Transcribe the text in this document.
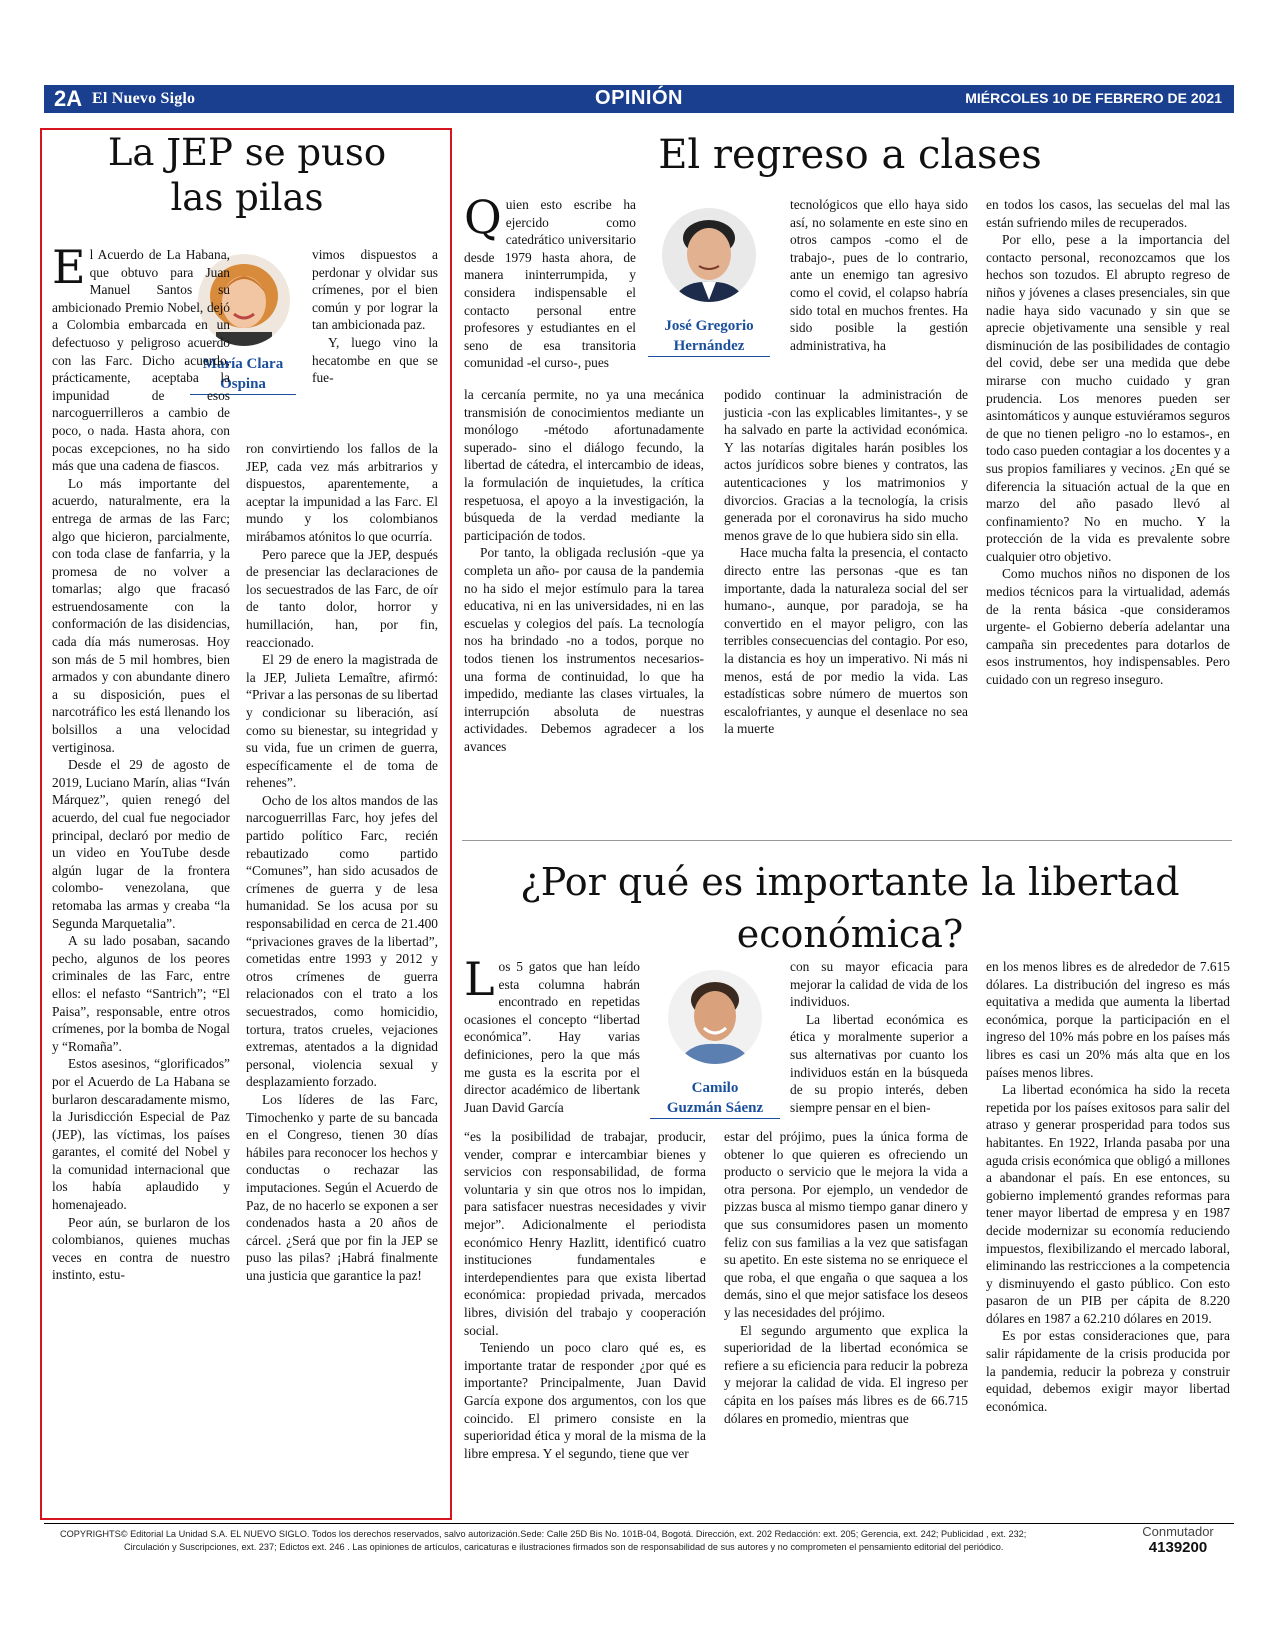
2A El Nuevo Siglo	OPINIÓN	MIÉRCOLES 10 DE FEBRERO DE 2021
La JEP se puso
las pilas
María Clara

Ospina

El Acuerdo de La Habana, que obtuvo para Juan Manuel Santos su ambicionado Premio Nobel, dejó a Colombia embarcada en un defectuoso y peligroso acuerdo con las Farc. Dicho acuerdo, prácticamente, aceptaba la impunidad de esos narcoguerrilleros a cambio de poco, o nada. Hasta ahora, con pocas excepciones, no ha sido más que una cadena de fiascos.

Lo más importante del acuerdo, naturalmente, era la entrega de armas de las Farc; algo que hicieron, parcialmente, con toda clase de fanfarria, y la promesa de no volver a tomarlas; algo que fracasó estruendosamente con la conformación de las disidencias, cada día más numerosas. Hoy son más de 5 mil hombres, bien armados y con abundante dinero a su disposición, pues el narcotráfico les está llenando los bolsillos a una velocidad vertiginosa.

Desde el 29 de agosto de 2019, Luciano Marín, alias “Iván Márquez”, quien renegó del acuerdo, del cual fue negociador principal, declaró por medio de un video en YouTube desde algún lugar de la frontera colombo- venezolana, que retomaba las armas y creaba “la Segunda Marquetalia”.

A su lado posaban, sacando pecho, algunos de los peores criminales de las Farc, entre ellos: el nefasto “Santrich”; “El Paisa”, responsable, entre otros crímenes, por la bomba de Nogal y “Romaña”.

Estos asesinos, “glorificados” por el Acuerdo de La Habana se burlaron descaradamente mismo, la Jurisdicción Especial de Paz (JEP), las víctimas, los países garantes, el comité del Nobel y la comunidad internacional que los había aplaudido y homenajeado.

Peor aún, se burlaron de los colombianos, quienes muchas veces en contra de nuestro instinto, estu-

vimos dispuestos a perdonar y olvidar sus crímenes, por el bien común y por lograr la tan ambicionada paz.

Y, luego vino la hecatombe en que se fue-

ron convirtiendo los fallos de la JEP, cada vez más arbitrarios y dispuestos, aparentemente, a aceptar la impunidad a las Farc. El mundo y los colombianos mirábamos atónitos lo que ocurría.

Pero parece que la JEP, después de presenciar las declaraciones de los secuestrados de las Farc, de oír de tanto dolor, horror y humillación, han, por fin, reaccionado.

El 29 de enero la magistrada de la JEP, Julieta Lemaître, afirmó: “Privar a las personas de su libertad y condicionar su liberación, así como su bienestar, su integridad y su vida, fue un crimen de guerra, específicamente el de toma de rehenes”.

Ocho de los altos mandos de las narcoguerrillas Farc, hoy jefes del partido político Farc, recién rebautizado como partido “Comunes”, han sido acusados de crímenes de guerra y de lesa humanidad. Se los acusa por su responsabilidad en cerca de 21.400 “privaciones graves de la libertad”, cometidas entre 1993 y 2012 y otros crímenes de guerra relacionados con el trato a los secuestrados, como homicidio, tortura, tratos crueles, vejaciones extremas, atentados a la dignidad personal, violencia sexual y desplazamiento forzado.

Los líderes de las Farc, Timochenko y parte de su bancada en el Congreso, tienen 30 días hábiles para reconocer los hechos y conductas o rechazar las imputaciones. Según el Acuerdo de Paz, de no hacerlo se exponen a ser condenados hasta a 20 años de cárcel. ¿Será que por fin la JEP se puso las pilas? ¡Habrá finalmente una justicia que garantice la paz!

El regreso a clases
José Gregorio

Hernández

Quien esto escribe ha ejercido como catedrático universitario desde 1979 hasta ahora, de manera ininterrumpida, y considera indispensable el contacto personal entre profesores y estudiantes en el seno de esa transitoria comunidad -el curso-, pues

la cercanía permite, no ya una mecánica transmisión de conocimientos mediante un monólogo -método afortunadamente superado- sino el diálogo fecundo, la libertad de cátedra, el intercambio de ideas, la formulación de inquietudes, la crítica respetuosa, el apoyo a la investigación, la búsqueda de la verdad mediante la participación de todos.

Por tanto, la obligada reclusión -que ya completa un año- por causa de la pandemia no ha sido el mejor estímulo para la tarea educativa, ni en las universidades, ni en las escuelas y colegios del país. La tecnología nos ha brindado -no a todos, porque no todos tienen los instrumentos necesarios- una forma de continuidad, lo que ha impedido, mediante las clases virtuales, la interrupción absoluta de nuestras actividades. Debemos agradecer a los avances

tecnológicos que ello haya sido así, no solamente en este sino en otros campos -como el de trabajo-, pues de lo contrario, ante un enemigo tan agresivo como el covid, el colapso habría sido total en muchos frentes. Ha sido posible la gestión administrativa, ha

podido continuar la administración de justicia -con las explicables limitantes-, y se ha salvado en parte la actividad económica. Y las notarías digitales harán posibles los actos jurídicos sobre bienes y contratos, las autenticaciones y los matrimonios y divorcios. Gracias a la tecnología, la crisis generada por el coronavirus ha sido mucho menos grave de lo que hubiera sido sin ella.

Hace mucha falta la presencia, el contacto directo entre las personas -que es tan importante, dada la naturaleza social del ser humano-, aunque, por paradoja, se ha convertido en el mayor peligro, con las terribles consecuencias del contagio. Por eso, la distancia es hoy un imperativo. Ni más ni menos, está de por medio la vida. Las estadísticas sobre número de muertos son escalofriantes, y aunque el desenlace no sea la muerte

en todos los casos, las secuelas del mal las están sufriendo miles de recuperados.

Por ello, pese a la importancia del contacto personal, reconozcamos que los hechos son tozudos. El abrupto regreso de niños y jóvenes a clases presenciales, sin que nadie haya sido vacunado y sin que se aprecie objetivamente una sensible y real disminución de las posibilidades de contagio del covid, debe ser una medida que debe mirarse con mucho cuidado y gran prudencia. Los menores pueden ser asintomáticos y aunque estuviéramos seguros de que no tienen peligro -no lo estamos-, en todo caso pueden contagiar a los docentes y a sus propios familiares y vecinos. ¿En qué se diferencia la situación actual de la que en marzo del año pasado llevó al confinamiento? No en mucho. Y la protección de la vida es prevalente sobre cualquier otro objetivo.

Como muchos niños no disponen de los medios técnicos para la virtualidad, además de la renta básica -que consideramos urgente- el Gobierno debería adelantar una campaña sin precedentes para dotarlos de esos instrumentos, hoy indispensables. Pero cuidado con un regreso inseguro.

¿Por qué es importante la libertad
económica?
Camilo

Guzmán Sáenz

Los 5 gatos que han leído esta columna habrán encontrado en repetidas ocasiones el concepto “libertad económica”. Hay varias definiciones, pero la que más me gusta es la escrita por el director académico de libertank Juan David García

“es la posibilidad de trabajar, producir, vender, comprar e intercambiar bienes y servicios con responsabilidad, de forma voluntaria y sin que otros nos lo impidan, para satisfacer nuestras necesidades y vivir mejor”. Adicionalmente el periodista económico Henry Hazlitt, identificó cuatro instituciones fundamentales e interdependientes para que exista libertad económica: propiedad privada, mercados libres, división del trabajo y cooperación social.

Teniendo un poco claro qué es, es importante tratar de responder ¿por qué es importante? Principalmente, Juan David García expone dos argumentos, con los que coincido. El primero consiste en la superioridad ética y moral de la misma de la libre empresa. Y el segundo, tiene que ver

con su mayor eficacia para mejorar la calidad de vida de los individuos.

La libertad económica es ética y moralmente superior a sus alternativas por cuanto los individuos están en la búsqueda de su propio interés, deben siempre pensar en el bien-

estar del prójimo, pues la única forma de obtener lo que quieren es ofreciendo un producto o servicio que le mejora la vida a otra persona. Por ejemplo, un vendedor de pizzas busca al mismo tiempo ganar dinero y que sus consumidores pasen un momento feliz con sus familias a la vez que satisfagan su apetito. En este sistema no se enriquece el que roba, el que engaña o que saquea a los demás, sino el que mejor satisface los deseos y las necesidades del prójimo.

El segundo argumento que explica la superioridad de la libertad económica se refiere a su eficiencia para reducir la pobreza y mejorar la calidad de vida. El ingreso per cápita en los países más libres es de 66.715 dólares en promedio, mientras que

en los menos libres es de alrededor de 7.615 dólares. La distribución del ingreso es más equitativa a medida que aumenta la libertad económica, porque la participación en el ingreso del 10% más pobre en los países más libres es casi un 20% más alta que en los países menos libres.

La libertad económica ha sido la receta repetida por los países exitosos para salir del atraso y generar prosperidad para todos sus habitantes. En 1922, Irlanda pasaba por una aguda crisis económica que obligó a millones a abandonar el país. En ese entonces, su gobierno implementó grandes reformas para tener mayor libertad de empresa y en 1987 decide modernizar su economía reduciendo impuestos, flexibilizando el mercado laboral, eliminando las restricciones a la competencia y disminuyendo el gasto público. Con esto pasaron de un PIB per cápita de 8.220 dólares en 1987 a 62.210 dólares en 2019.

Es por estas consideraciones que, para salir rápidamente de la crisis producida por la pandemia, reducir la pobreza y construir equidad, debemos exigir mayor libertad económica.

COPYRIGHTS© Editorial La Unidad S.A. EL NUEVO SIGLO. Todos los derechos reservados, salvo autorización.Sede: Calle 25D Bis No. 101B-04, Bogotá. Dirección, ext. 202 Redacción: ext. 205; Gerencia, ext. 242; Publicidad , ext. 232;
Circulación y Suscripciones, ext. 237; Edictos ext. 246 . Las opiniones de artículos, caricaturas e ilustraciones firmados son de responsabilidad de sus autores y no comprometen el pensamiento editorial del periódico.
Conmutador
4139200
